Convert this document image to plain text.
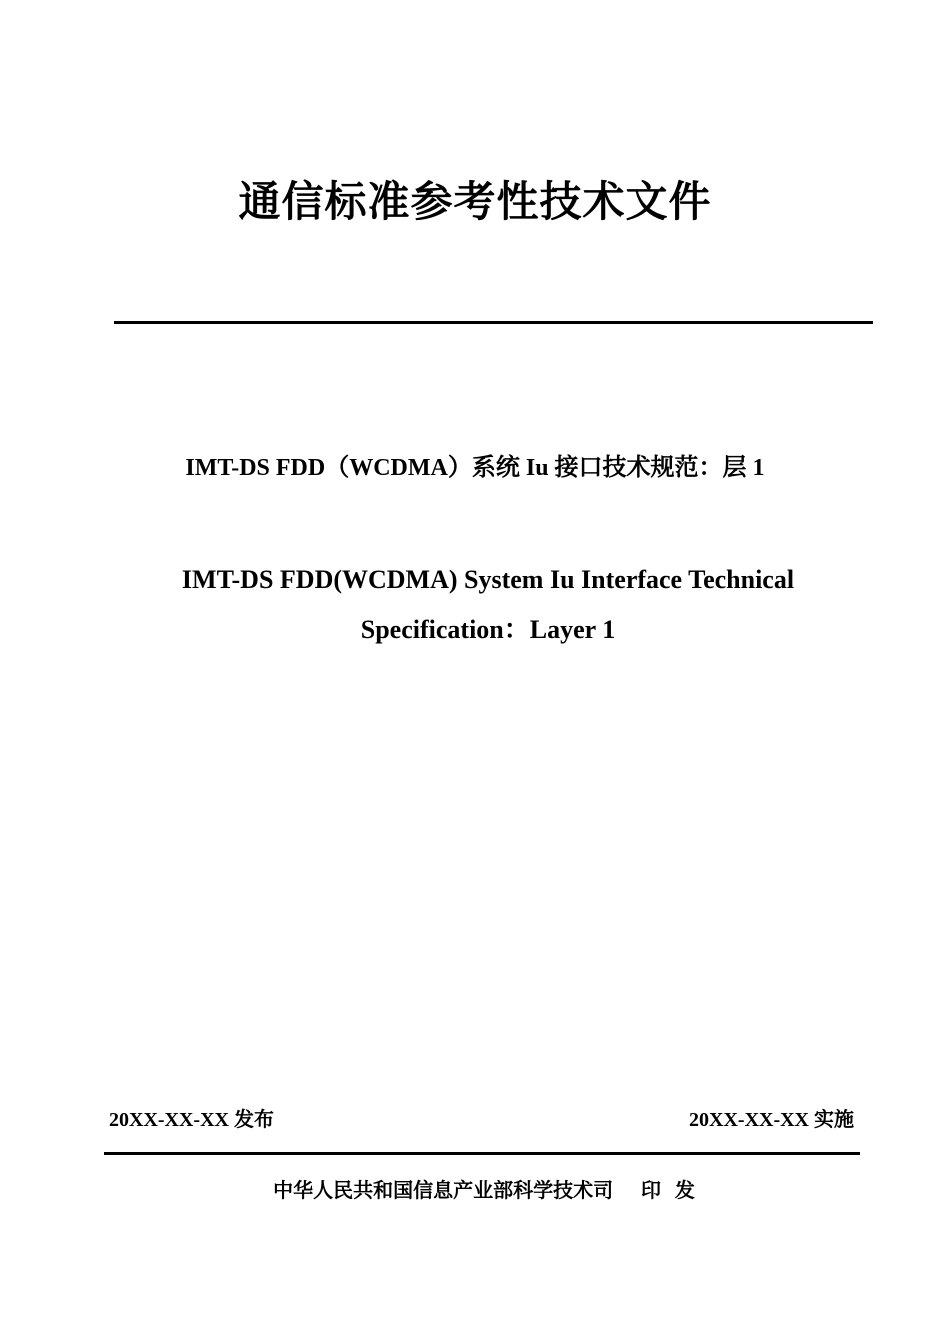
通信标准参考性技术文件
IMT-DS FDD（WCDMA）系统 Iu 接口技术规范：层 1
IMT-DS FDD(WCDMA) System Iu Interface Technical Specification：Layer 1
20XX-XX-XX 发布	20XX-XX-XX 实施
中华人民共和国信息产业部科学技术司    印  发
